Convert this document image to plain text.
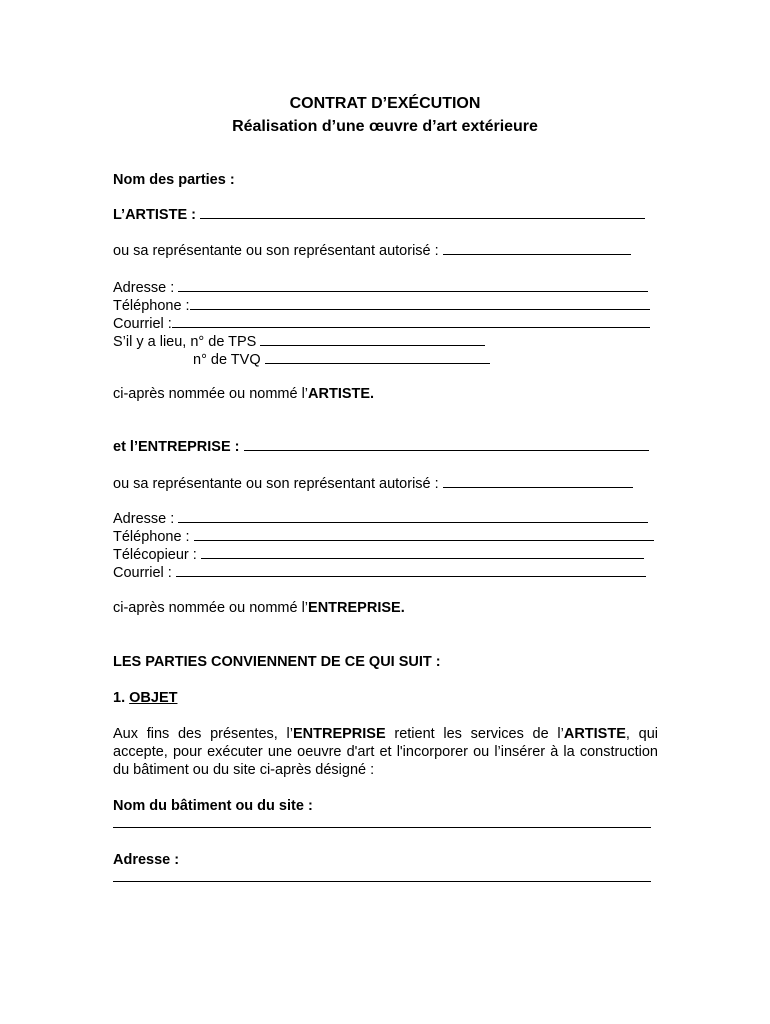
CONTRAT D’EXÉCUTION
Réalisation d’une œuvre d’art extérieure
Nom des parties :
L’ARTISTE :
ou sa représentante ou son représentant autorisé :
Adresse :
Téléphone :
Courriel :
S’il y a lieu, n° de TPS
n° de TVQ
ci-après nommée ou nommé l’ARTISTE.
et l’ENTREPRISE :
ou sa représentante ou son représentant autorisé :
Adresse :
Téléphone :
Télécopieur :
Courriel :
ci-après nommée ou nommé l’ENTREPRISE.
LES PARTIES CONVIENNENT DE CE QUI SUIT :
1. OBJET
Aux fins des présentes, l’ENTREPRISE retient les services de l’ARTISTE, qui accepte, pour exécuter une oeuvre d'art et l'incorporer ou l’insérer à la construction du bâtiment ou du site ci-après désigné :
Nom du bâtiment ou du site :
Adresse :
